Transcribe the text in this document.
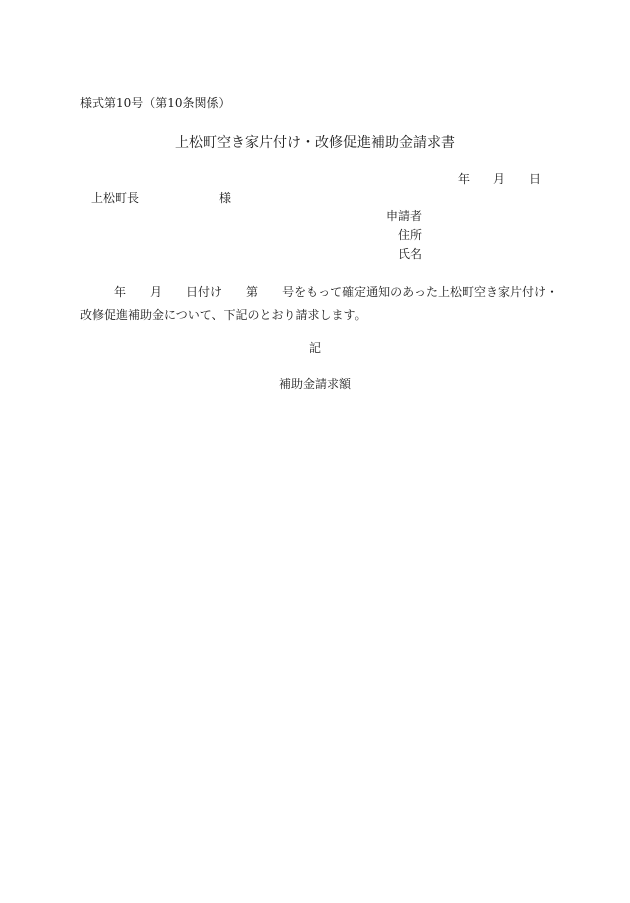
様式第10号（第10条関係）
上松町空き家片付け・改修促進補助金請求書
年 月 日
上松町長	様
申請者
住所
氏名
年 月 日付け 第 号をもって確定通知のあった上松町空き家片付け・
改修促進補助金について、下記のとおり請求します。
記
補助金請求額
